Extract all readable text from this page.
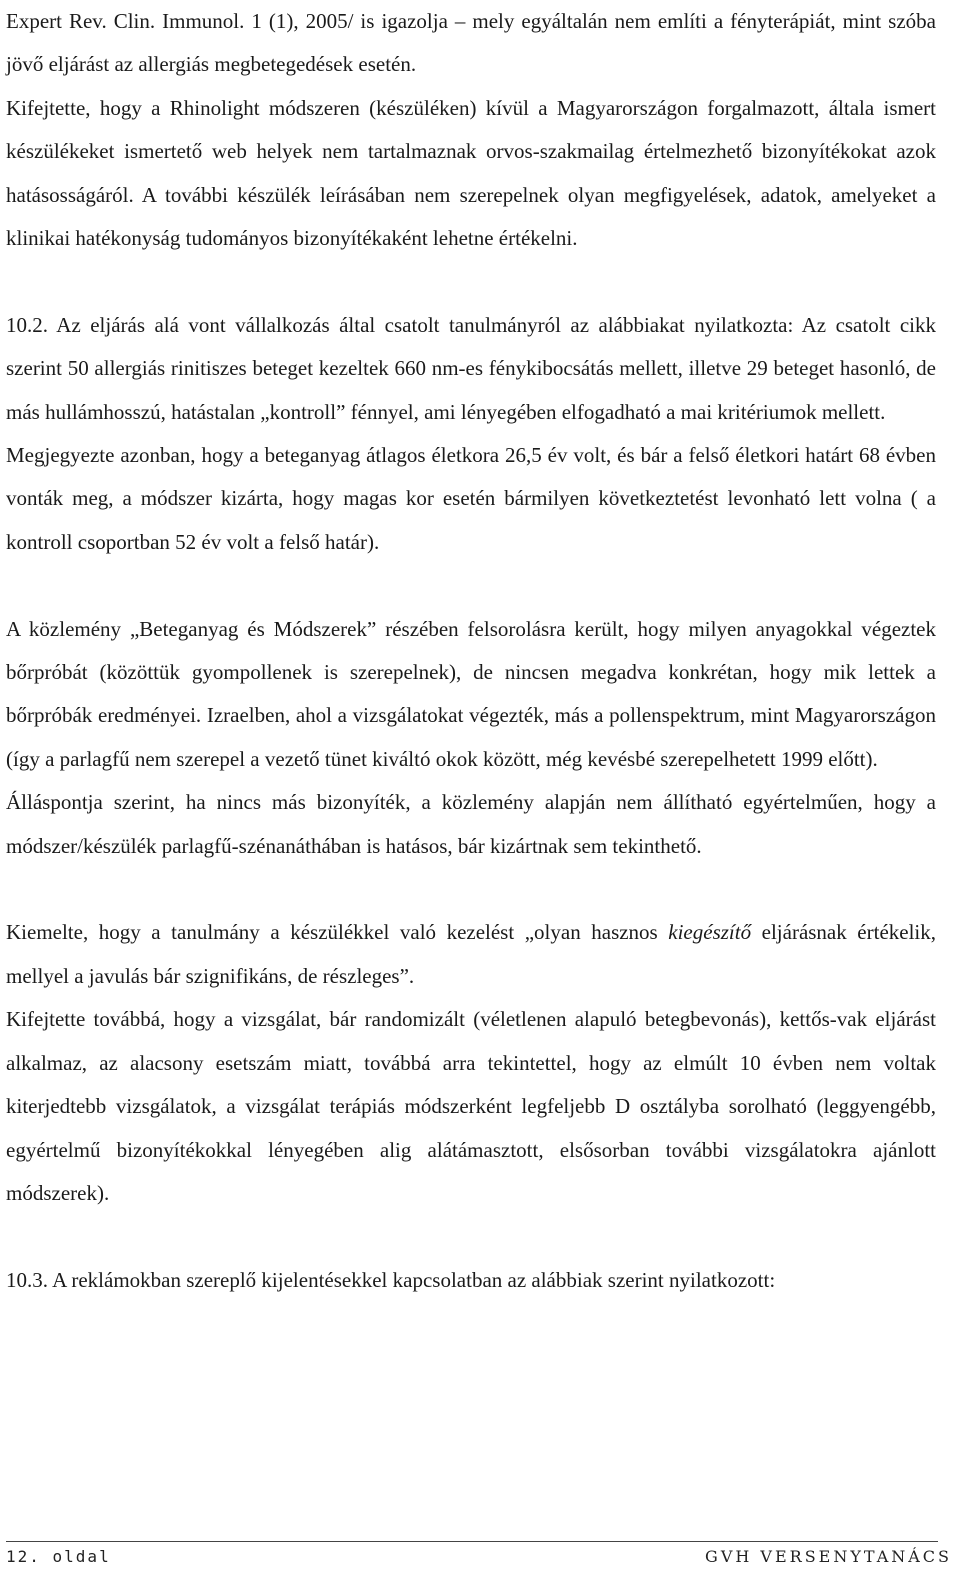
Expert Rev. Clin. Immunol. 1 (1), 2005/ is igazolja – mely egyáltalán nem említi a fényterápiát, mint szóba jövő eljárást az allergiás megbetegedések esetén.

Kifejtette, hogy a Rhinolight módszeren (készüléken) kívül a Magyarországon forgalmazott, általa ismert készülékeket ismertető web helyek nem tartalmaznak orvos-szakmailag értelmezhető bizonyítékokat azok hatásosságáról. A további készülék leírásában nem szerepelnek olyan megfigyelések, adatok, amelyeket a klinikai hatékonyság tudományos bizonyítékaként lehetne értékelni.

10.2. Az eljárás alá vont vállalkozás által csatolt tanulmányról az alábbiakat nyilatkozta: Az csatolt cikk szerint 50 allergiás rinitiszes beteget kezeltek 660 nm-es fénykibocsátás mellett, illetve 29 beteget hasonló, de más hullámhosszú, hatástalan „kontroll” fénnyel, ami lényegében elfogadható a mai kritériumok mellett.

Megjegyezte azonban, hogy a beteganyag átlagos életkora 26,5 év volt, és bár a felső életkori határt 68 évben vonták meg, a módszer kizárta, hogy magas kor esetén bármilyen következtetést levonható lett volna ( a kontroll csoportban 52 év volt a felső határ).

A közlemény „Beteganyag és Módszerek” részében felsorolásra került, hogy milyen anyagokkal végeztek bőrpróbát (közöttük gyompollenek is szerepelnek), de nincsen megadva konkrétan, hogy mik lettek a bőrpróbák eredményei. Izraelben, ahol a vizsgálatokat végezték, más a pollenspektrum, mint Magyarországon (így a parlagfű nem szerepel a vezető tünet kiváltó okok között, még kevésbé szerepelhetett 1999 előtt).

Álláspontja szerint, ha nincs más bizonyíték, a közlemény alapján nem állítható egyértelműen, hogy a módszer/készülék parlagfű-szénanáthában is hatásos, bár kizártnak sem tekinthető.

Kiemelte, hogy a tanulmány a készülékkel való kezelést „olyan hasznos kiegészítő eljárásnak értékelik, mellyel a javulás bár szignifikáns, de részleges”.

Kifejtette továbbá, hogy a vizsgálat, bár randomizált (véletlenen alapuló betegbevonás), kettős-vak eljárást alkalmaz, az alacsony esetszám miatt, továbbá arra tekintettel, hogy az elmúlt 10 évben nem voltak kiterjedtebb vizsgálatok, a vizsgálat terápiás módszerként legfeljebb D osztályba sorolható (leggyengébb, egyértelmű bizonyítékokkal lényegében alig alátámasztott, elsősorban további vizsgálatokra ajánlott módszerek).

10.3. A reklámokban szereplő kijelentésekkel kapcsolatban az alábbiak szerint nyilatkozott:

12. oldal	GVH VERSENYTANÁCS
